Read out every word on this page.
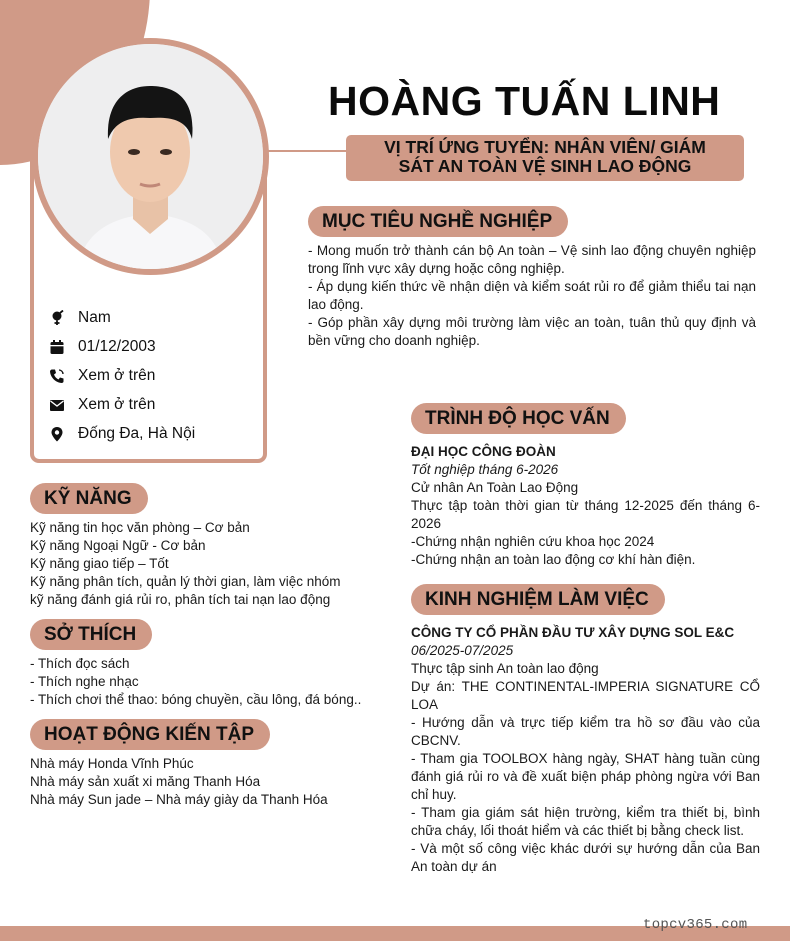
Nam
01/12/2003
Xem ở trên
Xem ở trên
Đống Đa, Hà Nội
HOÀNG TUẤN LINH
VỊ TRÍ ỨNG TUYỂN: NHÂN VIÊN/ GIÁM
SÁT AN TOÀN VỆ SINH LAO ĐỘNG
MỤC TIÊU NGHỀ NGHIỆP
- Mong muốn trở thành cán bộ An toàn – Vệ sinh lao động chuyên nghiệp trong lĩnh vực xây dựng hoặc công nghiệp.
- Áp dụng kiến thức về nhận diện và kiểm soát rủi ro để giảm thiểu tai nạn lao động.
- Góp phần xây dựng môi trường làm việc an toàn, tuân thủ quy định và bền vững cho doanh nghiệp.
KỸ NĂNG
Kỹ năng tin học văn phòng – Cơ bản
Kỹ năng Ngoại Ngữ - Cơ bản
Kỹ năng giao tiếp – Tốt
Kỹ năng phân tích, quản lý thời gian, làm việc nhóm
kỹ năng đánh giá rủi ro, phân tích tai nạn lao động
SỞ THÍCH
- Thích đọc sách
- Thích nghe nhạc
- Thích chơi thể thao: bóng chuyền, cầu lông, đá bóng..
HOẠT ĐỘNG KIẾN TẬP
Nhà máy Honda Vĩnh Phúc
Nhà máy sản xuất xi măng Thanh Hóa
Nhà máy Sun jade – Nhà máy giày da Thanh Hóa
TRÌNH ĐỘ HỌC VẤN
ĐẠI HỌC CÔNG ĐOÀN
Tốt nghiệp tháng 6-2026
Cử nhân An Toàn Lao Động
Thực tập toàn thời gian từ tháng 12-2025 đến tháng 6-2026
-Chứng nhận nghiên cứu khoa học 2024
-Chứng nhận an toàn lao động cơ khí hàn điện.
KINH NGHIỆM LÀM VIỆC
CÔNG TY CỔ PHẦN ĐẦU TƯ XÂY DỰNG SOL E&C
06/2025-07/2025
Thực tập sinh An toàn lao động
Dự án: THE CONTINENTAL-IMPERIA SIGNATURE CỔ LOA
- Hướng dẫn và trực tiếp kiểm tra hồ sơ đầu vào của CBCNV.
- Tham gia TOOLBOX hàng ngày, SHAT hàng tuần cùng đánh giá rủi ro và đề xuất biện pháp phòng ngừa với Ban chỉ huy.
- Tham gia giám sát hiện trường, kiểm tra thiết bị, bình chữa cháy, lối thoát hiểm và các thiết bị bằng check list.
- Và một số công việc khác dưới sự hướng dẫn của Ban An toàn dự án
topcv365.com
